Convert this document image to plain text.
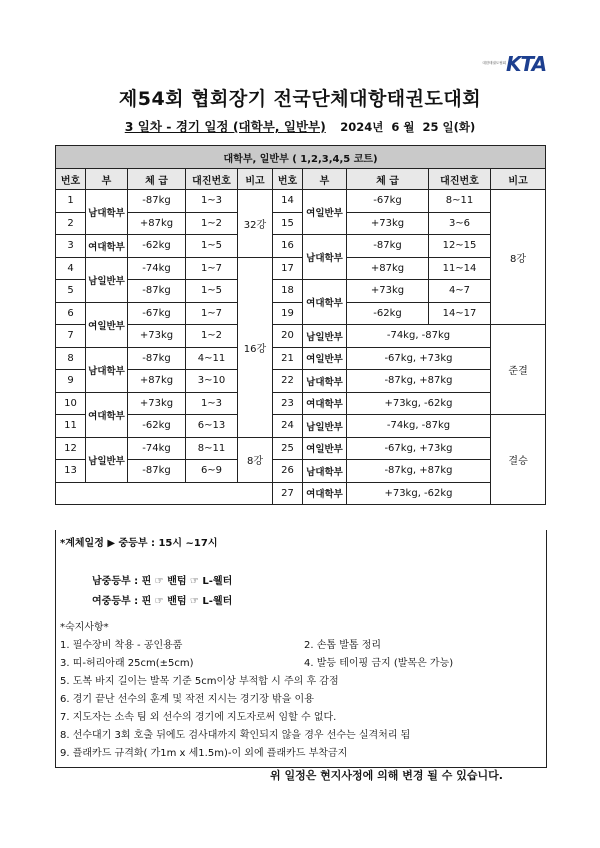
KTA
대한태권도협회
제54회 협회장기 전국단체대항태권도대회
3 일차 - 경기 일정 (대학부, 일반부) 2024년 6 월 25 일(화)
대학부, 일반부 ( 1,2,3,4,5 코트)									
번호	부	체 급	대진번호	비고	번호	부	체 급	대진번호	비고
1	남대학부	-87kg	1~3	32강	14	여일반부	-67kg	8~11	8강
2		+87kg	1~2		15		+73kg	3~6	
3	여대학부	-62kg	1~5		16	남대학부	-87kg	12~15	
4	남일반부	-74kg	1~7	16강	17		+87kg	11~14	
5		-87kg	1~5		18	여대학부	+73kg	4~7	
6	여일반부	-67kg	1~7		19		-62kg	14~17	
7		+73kg	1~2		20	남일반부	-74kg, -87kg		준결
8	남대학부	-87kg	4~11		21	여일반부	-67kg, +73kg		
9		+87kg	3~10		22	남대학부	-87kg, +87kg		
10	여대학부	+73kg	1~3		23	여대학부	+73kg, -62kg		
11		-62kg	6~13		24	남일반부	-74kg, -87kg		결승
12	남일반부	-74kg	8~11	8강	25	여일반부	-67kg, +73kg		
13		-87kg	6~9		26	남대학부	-87kg, +87kg		
					27	여대학부	+73kg, -62kg		
*계체일정 ▶ 중등부 : 15시 ~17시
남중등부 : 핀 ☞ 밴텀 ☞ L-웰터
여중등부 : 핀 ☞ 밴텀 ☞ L-웰터
*숙지사항*
1. 필수장비 착용 - 공인용품	2. 손톱 발톱 정리
3. 띠-허리아래 25cm(±5cm)	4. 발등 테이핑 금지 (발목은 가능)
5. 도복 바지 길이는 발목 기준 5cm이상 부적합 시 주의 후 감점
6. 경기 끝난 선수의 훈계 및 작전 지시는 경기장 밖을 이용
7. 지도자는 소속 팀 외 선수의 경기에 지도자로써 임할 수 없다.
8. 선수대기 3회 호출 뒤에도 검사대까지 확인되지 않을 경우 선수는 실격처리 됨
9. 플래카드 규격화( 가1m x 세1.5m)-이 외에 플래카드 부착금지
위 일정은 현지사정에 의해 변경 될 수 있습니다.
